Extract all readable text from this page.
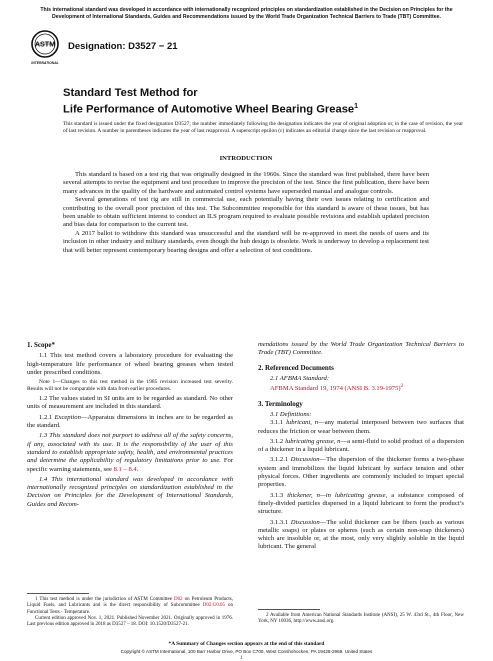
This international standard was developed in accordance with internationally recognized principles on standardization established in the Decision on Principles for the Development of International Standards, Guides and Recommendations issued by the World Trade Organization Technical Barriers to Trade (TBT) Committee.
ASTM
INTERNATIONAL
Designation: D3527 − 21
Standard Test Method for
Life Performance of Automotive Wheel Bearing Grease$^1$
This standard is issued under the fixed designation D3527; the number immediately following the designation indicates the year of original adoption or, in the case of revision, the year of last revision. A number in parentheses indicates the year of last reapproval. A superscript epsilon (ε) indicates an editorial change since the last revision or reapproval.
INTRODUCTION

This standard is based on a test rig that was originally designed in the 1960s. Since the standard was first published, there have been several attempts to revise the equipment and test procedure to improve the precision of the test. Since the first publication, there have been many advances in the quality of the hardware and automated control systems have superseded manual and analogue controls.

Several generations of test rig are still in commercial use, each potentially having their own issues relating to certification and contributing to the overall poor precision of this test. The Subcommittee responsible for this standard is aware of these issues, but has been unable to obtain sufficient interest to conduct an ILS program required to evaluate possible revisions and establish updated precision and bias data for comparison to the current test.

A 2017 ballot to withdraw this standard was unsuccessful and the standard will be re-approved to meet the needs of users and its inclusion in other industry and military standards, even though the hub design is obsolete. Work is underway to develop a replacement test that will better represent contemporary bearing designs and offer a selection of test conditions.

1. Scope*

1.1 This test method covers a laboratory procedure for evaluating the high-temperature life performance of wheel bearing greases when tested under prescribed conditions.

Note 1—Changes to this test method in the 1985 revision increased test severity. Results will not be comparable with data from earlier procedures.

1.2 The values stated in SI units are to be regarded as standard. No other units of measurement are included in this standard.

1.2.1 Exception—Apparatus dimensions in inches are to be regarded as the standard.

1.3 This standard does not purport to address all of the safety concerns, if any, associated with its use. It is the responsibility of the user of this standard to establish appropriate safety, health, and environmental practices and determine the applicability of regulatory limitations prior to use. For specific warning statements, see 8.1 – 8.4.

1.4 This international standard was developed in accordance with internationally recognized principles on standardization established in the Decision on Principles for the Development of International Standards, Guides and Recom-

mendations issued by the World Trade Organization Technical Barriers to Trade (TBT) Committee.

2. Referenced Documents

2.1 AFBMA Standard:

AFBMA Standard 19, 1974 (ANSI B. 3.19-1975)$^2$

3. Terminology

3.1 Definitions:

3.1.1 lubricant, n—any material interposed between two surfaces that reduces the friction or wear between them.

3.1.2 lubricating grease, n—a semi-fluid to solid product of a dispersion of a thickener in a liquid lubricant.

3.1.2.1 Discussion—The dispersion of the thickener forms a two-phase system and immobilizes the liquid lubricant by surface tension and other physical forces. Other ingredients are commonly included to impart special properties.

3.1.3 thickener, n—in lubricating grease, a substance composed of finely-divided particles dispersed in a liquid lubricant to form the product’s structure.

3.1.3.1 Discussion—The solid thickener can be fibers (such as various metallic soaps) or plates or spheres (such as certain non-soap thickeners) which are insoluble or, at the most, only very slightly soluble in the liquid lubricant. The general

1 This test method is under the jurisdiction of ASTM Committee D02 on Petroleum Products, Liquid Fuels, and Lubricants and is the direct responsibility of Subcommittee D02.G0.05 on Functional Tests - Temperature.

Current edition approved Nov. 1, 2021. Published November 2021. Originally approved in 1976. Last previous edition approved in 2018 as D3527 – 18. DOI: 10.1520/D3527-21.

2 Available from American National Standards Institute (ANSI), 25 W. 43rd St., 4th Floor, New York, NY 10036, http://www.ansi.org.

*A Summary of Changes section appears at the end of this standard
Copyright © ASTM International, 100 Barr Harbor Drive, PO Box C700, West Conshohocken, PA 19428-2959. United States
1
